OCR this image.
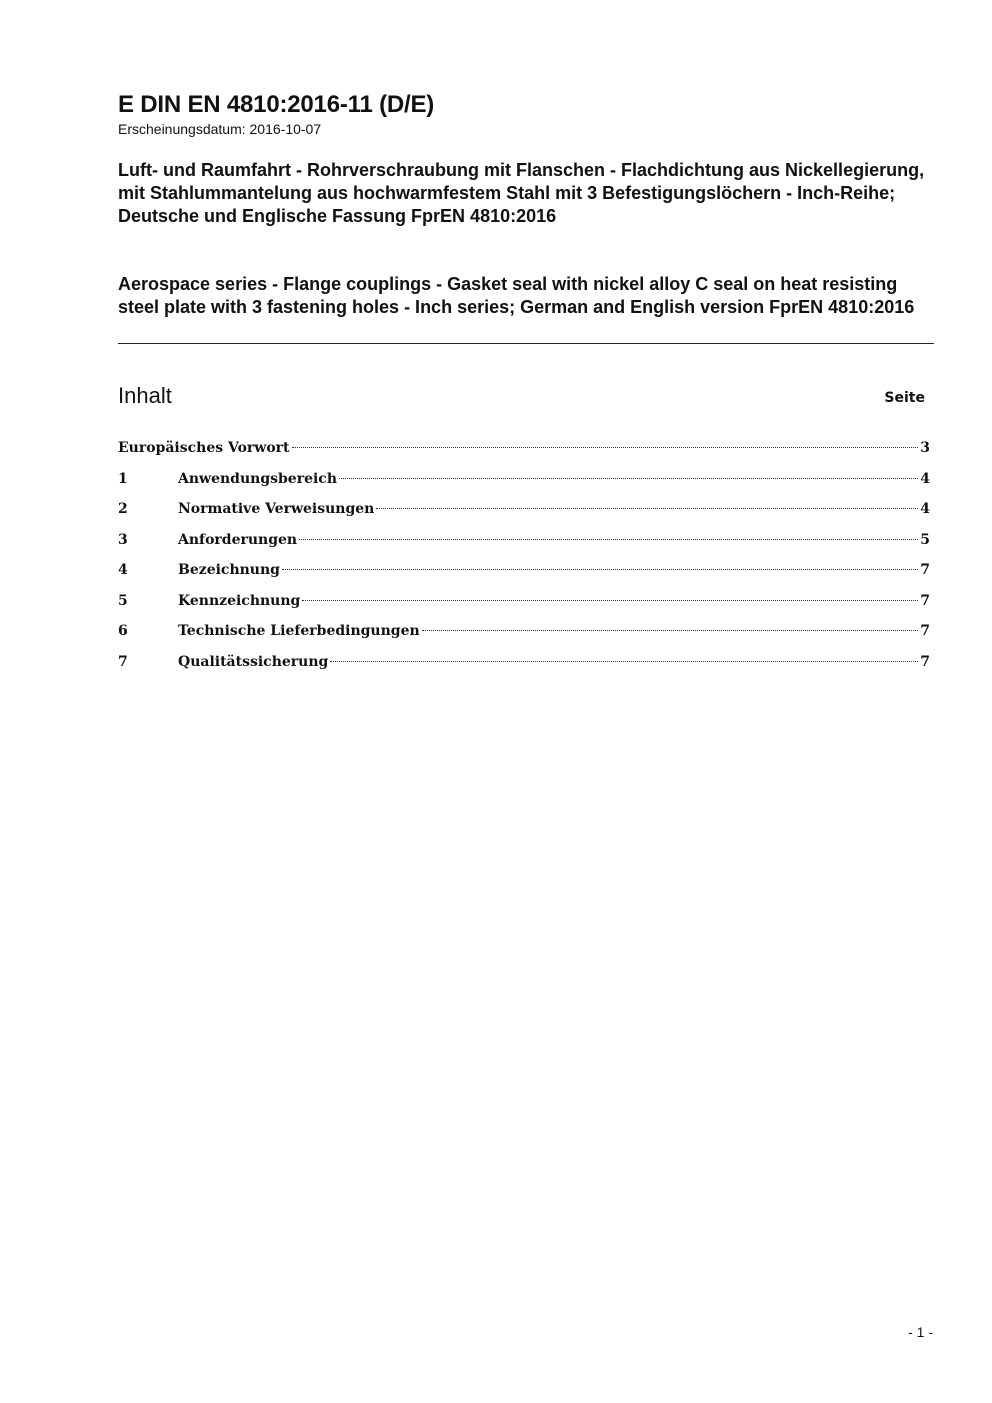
E DIN EN 4810:2016-11 (D/E)
Erscheinungsdatum: 2016-10-07
Luft- und Raumfahrt - Rohrverschraubung mit Flanschen - Flachdichtung aus Nickellegierung, mit Stahlummantelung aus hochwarmfestem Stahl mit 3 Befestigungslöchern - Inch-Reihe; Deutsche und Englische Fassung FprEN 4810:2016
Aerospace series - Flange couplings - Gasket seal with nickel alloy C seal on heat resisting steel plate with 3 fastening holes - Inch series; German and English version FprEN 4810:2016
Inhalt	Seite
Europäisches Vorwort	3
1	Anwendungsbereich	4
2	Normative Verweisungen	4
3	Anforderungen	5
4	Bezeichnung	7
5	Kennzeichnung	7
6	Technische Lieferbedingungen	7
7	Qualitätssicherung	7
- 1 -
